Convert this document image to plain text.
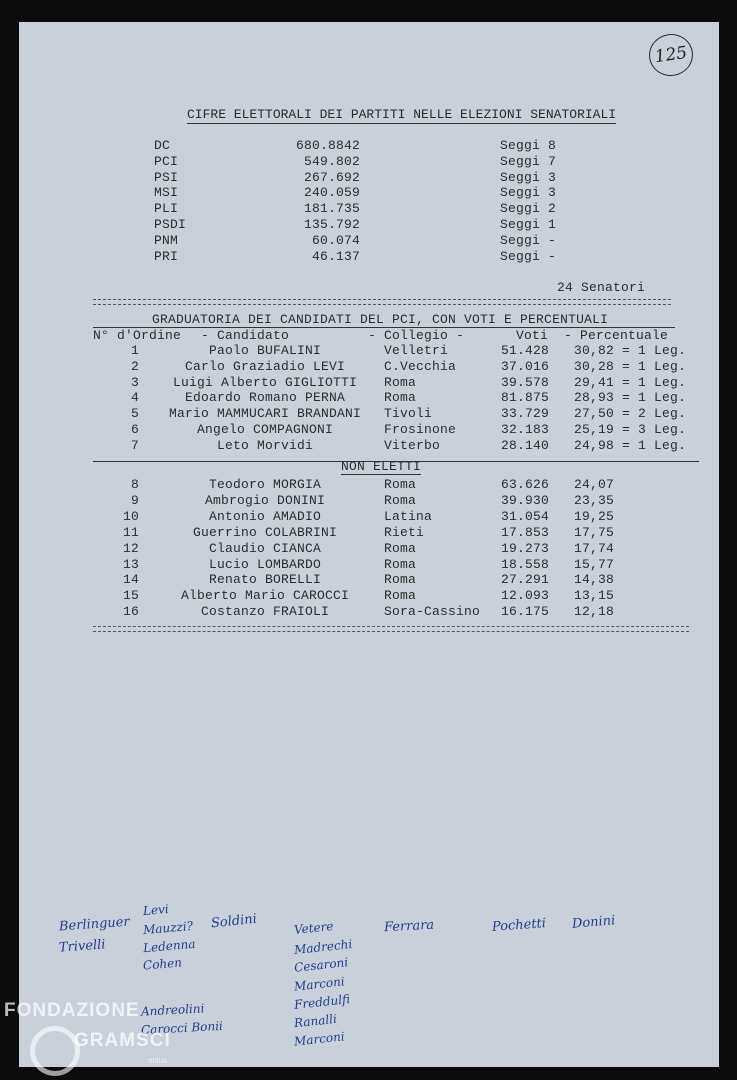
125
CIFRE ELETTORALI DEI PARTITI NELLE ELEZIONI SENATORIALI
DC	680.8842	Seggi 8
PCI	549.802	Seggi 7
PSI	267.692	Seggi 3
MSI	240.059	Seggi 3
PLI	181.735	Seggi 2
PSDI	135.792	Seggi 1
PNM	60.074	Seggi -
PRI	46.137	Seggi -
24 Senatori
GRADUATORIA DEI CANDIDATI DEL PCI, CON VOTI E PERCENTUALI
N° d'Ordine - Candidato	- Collegio -	Voti - Percentuale
1	Paolo BUFALINI	Velletri	51.428 30,82 = 1 Leg.
2	Carlo Graziadio LEVI	C.Vecchia	37.016 30,28 = 1 Leg.
3	Luigi Alberto GIGLIOTTI	Roma	39.578 29,41 = 1 Leg.
4	Edoardo Romano PERNA	Roma	81.875 28,93 = 1 Leg.
5	Mario MAMMUCARI BRANDANI	Tivoli	33.729 27,50 = 2 Leg.
6	Angelo COMPAGNONI	Frosinone	32.183 25,19 = 3 Leg.
7	Leto Morvidi	Viterbo	28.140 24,98 = 1 Leg.
NON ELETTI
8	Teodoro MORGIA	Roma	63.626 24,07
9	Ambrogio DONINI	Roma	39.930 23,35
10	Antonio AMADIO	Latina	31.054 19,25
11	Guerrino COLABRINI	Rieti	17.853 17,75
12	Claudio CIANCA	Roma	19.273 17,74
13	Lucio LOMBARDO	Roma	18.558 15,77
14	Renato BORELLI	Roma	27.291 14,38
15	Alberto Mario CAROCCI	Roma	12.093 13,15
16	Costanzo FRAIOLI	Sora-Cassino	16.175 12,18
Berlinguer
Trivelli
Levi
Mauzzi?
Ledenna
Cohen
Andreolini
Carocci Bonii
Soldini	Vetere
Madrechi
Cesaroni
Marconi
Freddulfi
Ranalli
Marconi
Ferrara	Pochetti Donini
FONDAZIONE
GRAMSCI
onlus
